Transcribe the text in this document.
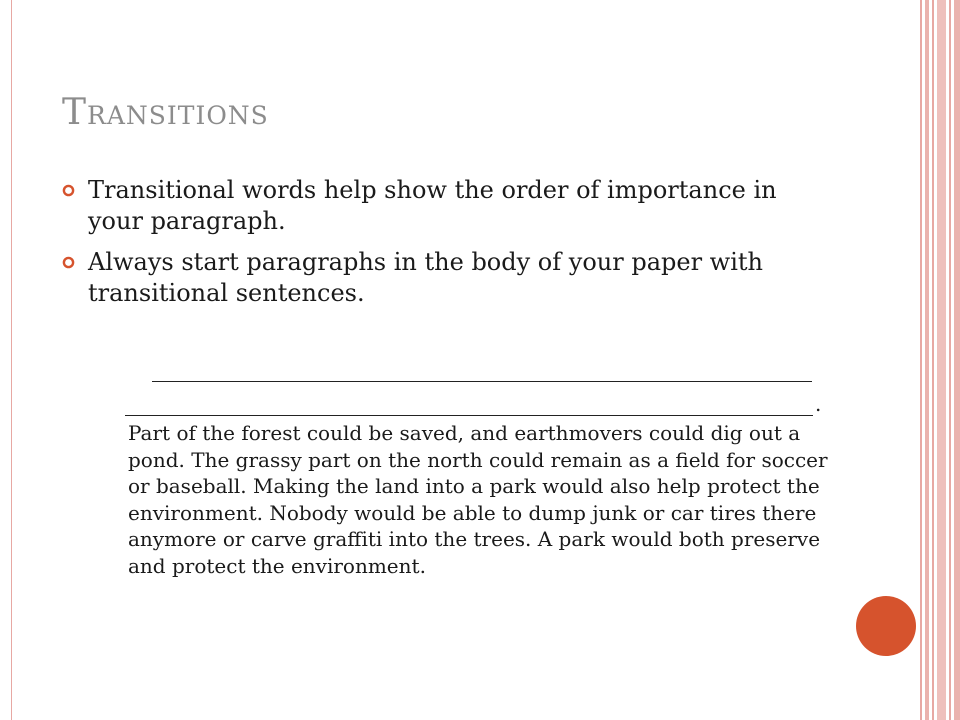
Transitions
Transitional words help show the order of importance in your paragraph.
Always start paragraphs in the body of your paper with transitional sentences.
.

Part of the forest could be saved, and earthmovers could dig out a pond. The grassy part on the north could remain as a field for soccer or baseball. Making the land into a park would also help protect the environment. Nobody would be able to dump junk or car tires there anymore or carve graffiti into the trees. A park would both preserve and protect the environment.
